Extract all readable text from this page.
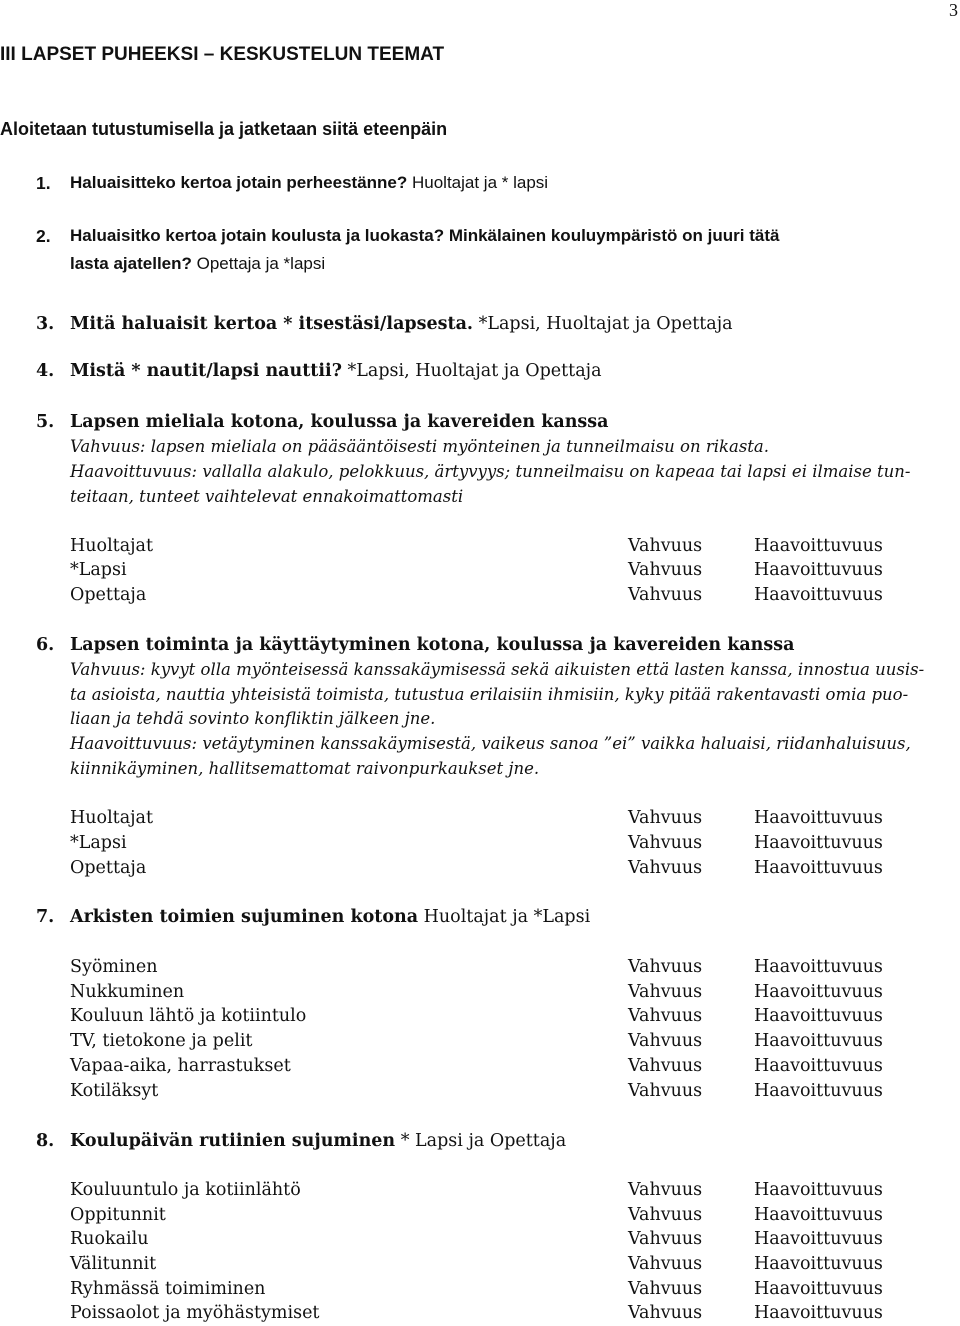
3
III LAPSET PUHEEKSI – KESKUSTELUN TEEMAT
Aloitetaan tutustumisella ja jatketaan siitä eteenpäin
1. Haluaisitteko kertoa jotain perheestänne? Huoltajat ja * lapsi
2. Haluaisitko kertoa jotain koulusta ja luokasta? Minkälainen kouluympäristö on juuri tätä
lasta ajatellen? Opettaja ja *lapsi
3. Mitä haluaisit kertoa * itsestäsi/lapsesta. *Lapsi, Huoltajat ja Opettaja
4. Mistä * nautit/lapsi nauttii? *Lapsi, Huoltajat ja Opettaja
5. Lapsen mieliala kotona, koulussa ja kavereiden kanssa
Vahvuus: lapsen mieliala on pääsääntöisesti myönteinen ja tunneilmaisu on rikasta.
Haavoittuvuus: vallalla alakulo, pelokkuus, ärtyvyys; tunneilmaisu on kapeaa tai lapsi ei ilmaise tun-
teitaan, tunteet vaihtelevat ennakoimattomasti
Huoltajat	Vahvuus	Haavoittuvuus
*Lapsi	Vahvuus	Haavoittuvuus
Opettaja	Vahvuus	Haavoittuvuus
6. Lapsen toiminta ja käyttäytyminen kotona, koulussa ja kavereiden kanssa
Vahvuus: kyvyt olla myönteisessä kanssakäymisessä sekä aikuisten että lasten kanssa, innostua uusis-
ta asioista, nauttia yhteisistä toimista, tutustua erilaisiin ihmisiin, kyky pitää rakentavasti omia puo-
liaan ja tehdä sovinto konfliktin jälkeen jne.
Haavoittuvuus: vetäytyminen kanssakäymisestä, vaikeus sanoa ”ei” vaikka haluaisi, riidanhaluisuus,
kiinnikäyminen, hallitsemattomat raivonpurkaukset jne.
Huoltajat	Vahvuus	Haavoittuvuus
*Lapsi	Vahvuus	Haavoittuvuus
Opettaja	Vahvuus	Haavoittuvuus
7. Arkisten toimien sujuminen kotona Huoltajat ja *Lapsi
Syöminen	Vahvuus	Haavoittuvuus
Nukkuminen	Vahvuus	Haavoittuvuus
Kouluun lähtö ja kotiintulo	Vahvuus	Haavoittuvuus
TV, tietokone ja pelit	Vahvuus	Haavoittuvuus
Vapaa-aika, harrastukset	Vahvuus	Haavoittuvuus
Kotiläksyt	Vahvuus	Haavoittuvuus
8. Koulupäivän rutiinien sujuminen * Lapsi ja Opettaja
Kouluuntulo ja kotiinlähtö	Vahvuus	Haavoittuvuus
Oppitunnit	Vahvuus	Haavoittuvuus
Ruokailu	Vahvuus	Haavoittuvuus
Välitunnit	Vahvuus	Haavoittuvuus
Ryhmässä toimiminen	Vahvuus	Haavoittuvuus
Poissaolot ja myöhästymiset	Vahvuus	Haavoittuvuus
